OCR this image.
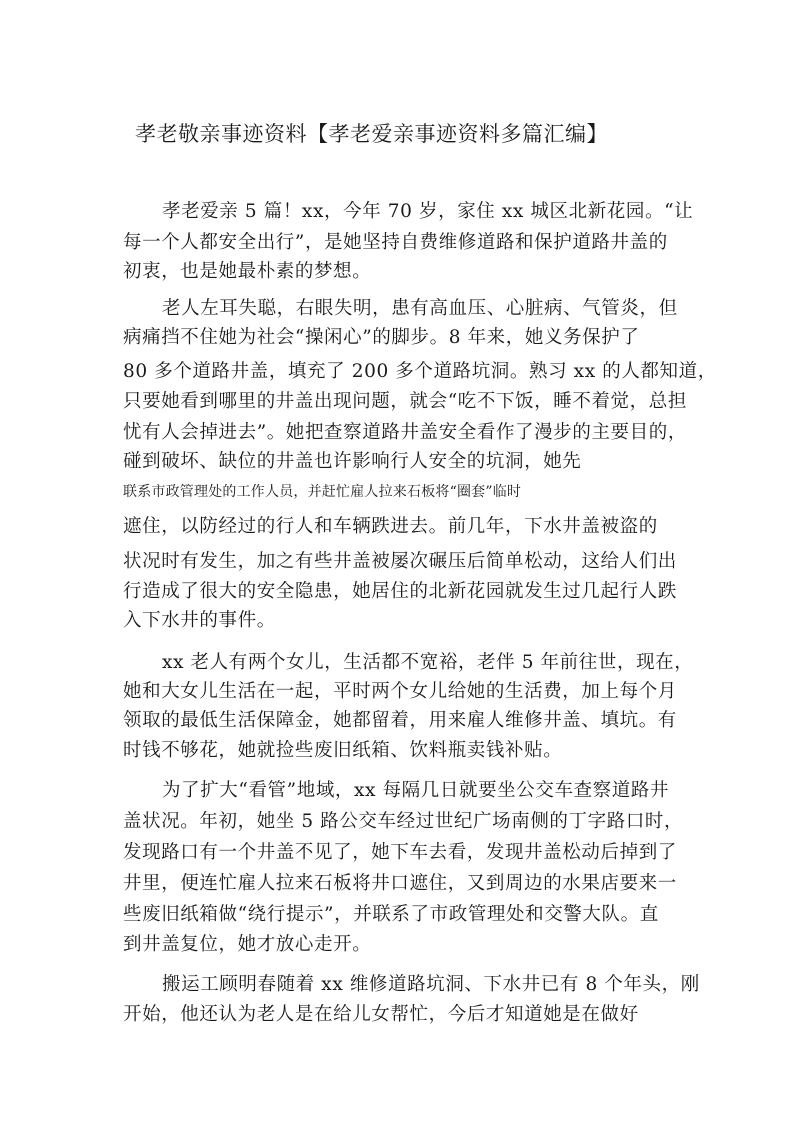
孝老敬亲事迹资料【孝老爱亲事迹资料多篇汇编】
孝老爱亲 5 篇！xx，今年 70 岁，家住 xx 城区北新花园。“让
每一个人都安全出行”，是她坚持自费维修道路和保护道路井盖的
初衷，也是她最朴素的梦想。
老人左耳失聪，右眼失明，患有高血压、心脏病、气管炎，但
病痛挡不住她为社会“操闲心”的脚步。8 年来，她义务保护了
80 多个道路井盖，填充了 200 多个道路坑洞。熟习 xx 的人都知道，
只要她看到哪里的井盖出现问题，就会“吃不下饭，睡不着觉，总担
忧有人会掉进去”。她把查察道路井盖安全看作了漫步的主要目的，
碰到破坏、缺位的井盖也许影响行人安全的坑洞，她先
联系市政管理处的工作人员，并赶忙雇人拉来石板将“圈套”临时
遮住，以防经过的行人和车辆跌进去。前几年，下水井盖被盗的
状况时有发生，加之有些井盖被屡次碾压后简单松动，这给人们出
行造成了很大的安全隐患，她居住的北新花园就发生过几起行人跌
入下水井的事件。
xx 老人有两个女儿，生活都不宽裕，老伴 5 年前往世，现在，
她和大女儿生活在一起，平时两个女儿给她的生活费，加上每个月
领取的最低生活保障金，她都留着，用来雇人维修井盖、填坑。有
时钱不够花，她就捡些废旧纸箱、饮料瓶卖钱补贴。
为了扩大“看管”地域，xx 每隔几日就要坐公交车查察道路井
盖状况。年初，她坐 5 路公交车经过世纪广场南侧的丁字路口时，
发现路口有一个井盖不见了，她下车去看，发现井盖松动后掉到了
井里，便连忙雇人拉来石板将井口遮住，又到周边的水果店要来一
些废旧纸箱做“绕行提示”，并联系了市政管理处和交警大队。直
到井盖复位，她才放心走开。
搬运工顾明春随着 xx 维修道路坑洞、下水井已有 8 个年头，刚
开始，他还认为老人是在给儿女帮忙，今后才知道她是在做好
